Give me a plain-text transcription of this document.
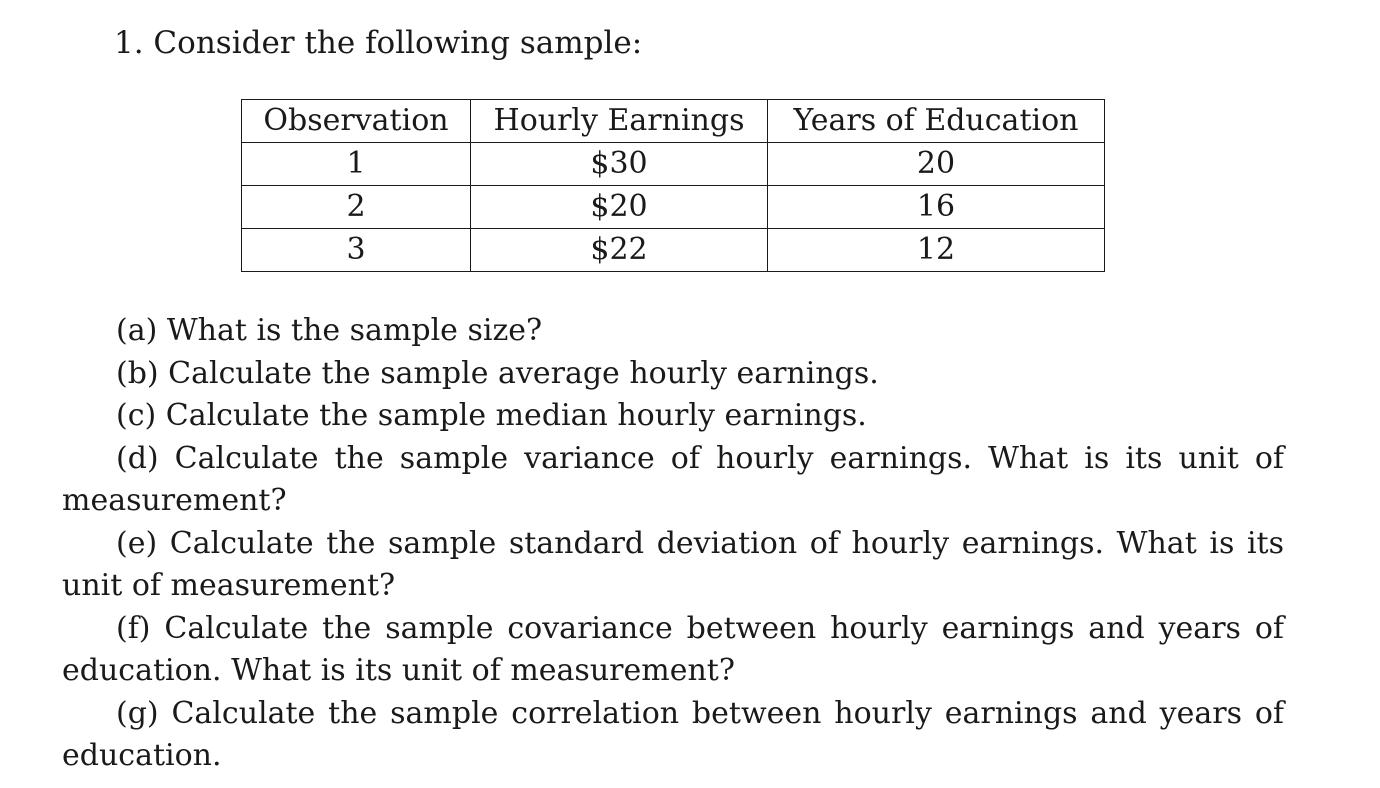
1. Consider the following sample:
Observation	Hourly Earnings	Years of Education
1	$30	20
2	$20	16
3	$22	12

(a) What is the sample size?

(b) Calculate the sample average hourly earnings.

(c) Calculate the sample median hourly earnings.

(d) Calculate the sample variance of hourly earnings. What is its unit of measurement?

(e) Calculate the sample standard deviation of hourly earnings. What is its unit of measurement?

(f) Calculate the sample covariance between hourly earnings and years of education. What is its unit of measurement?

(g) Calculate the sample correlation between hourly earnings and years of education.
